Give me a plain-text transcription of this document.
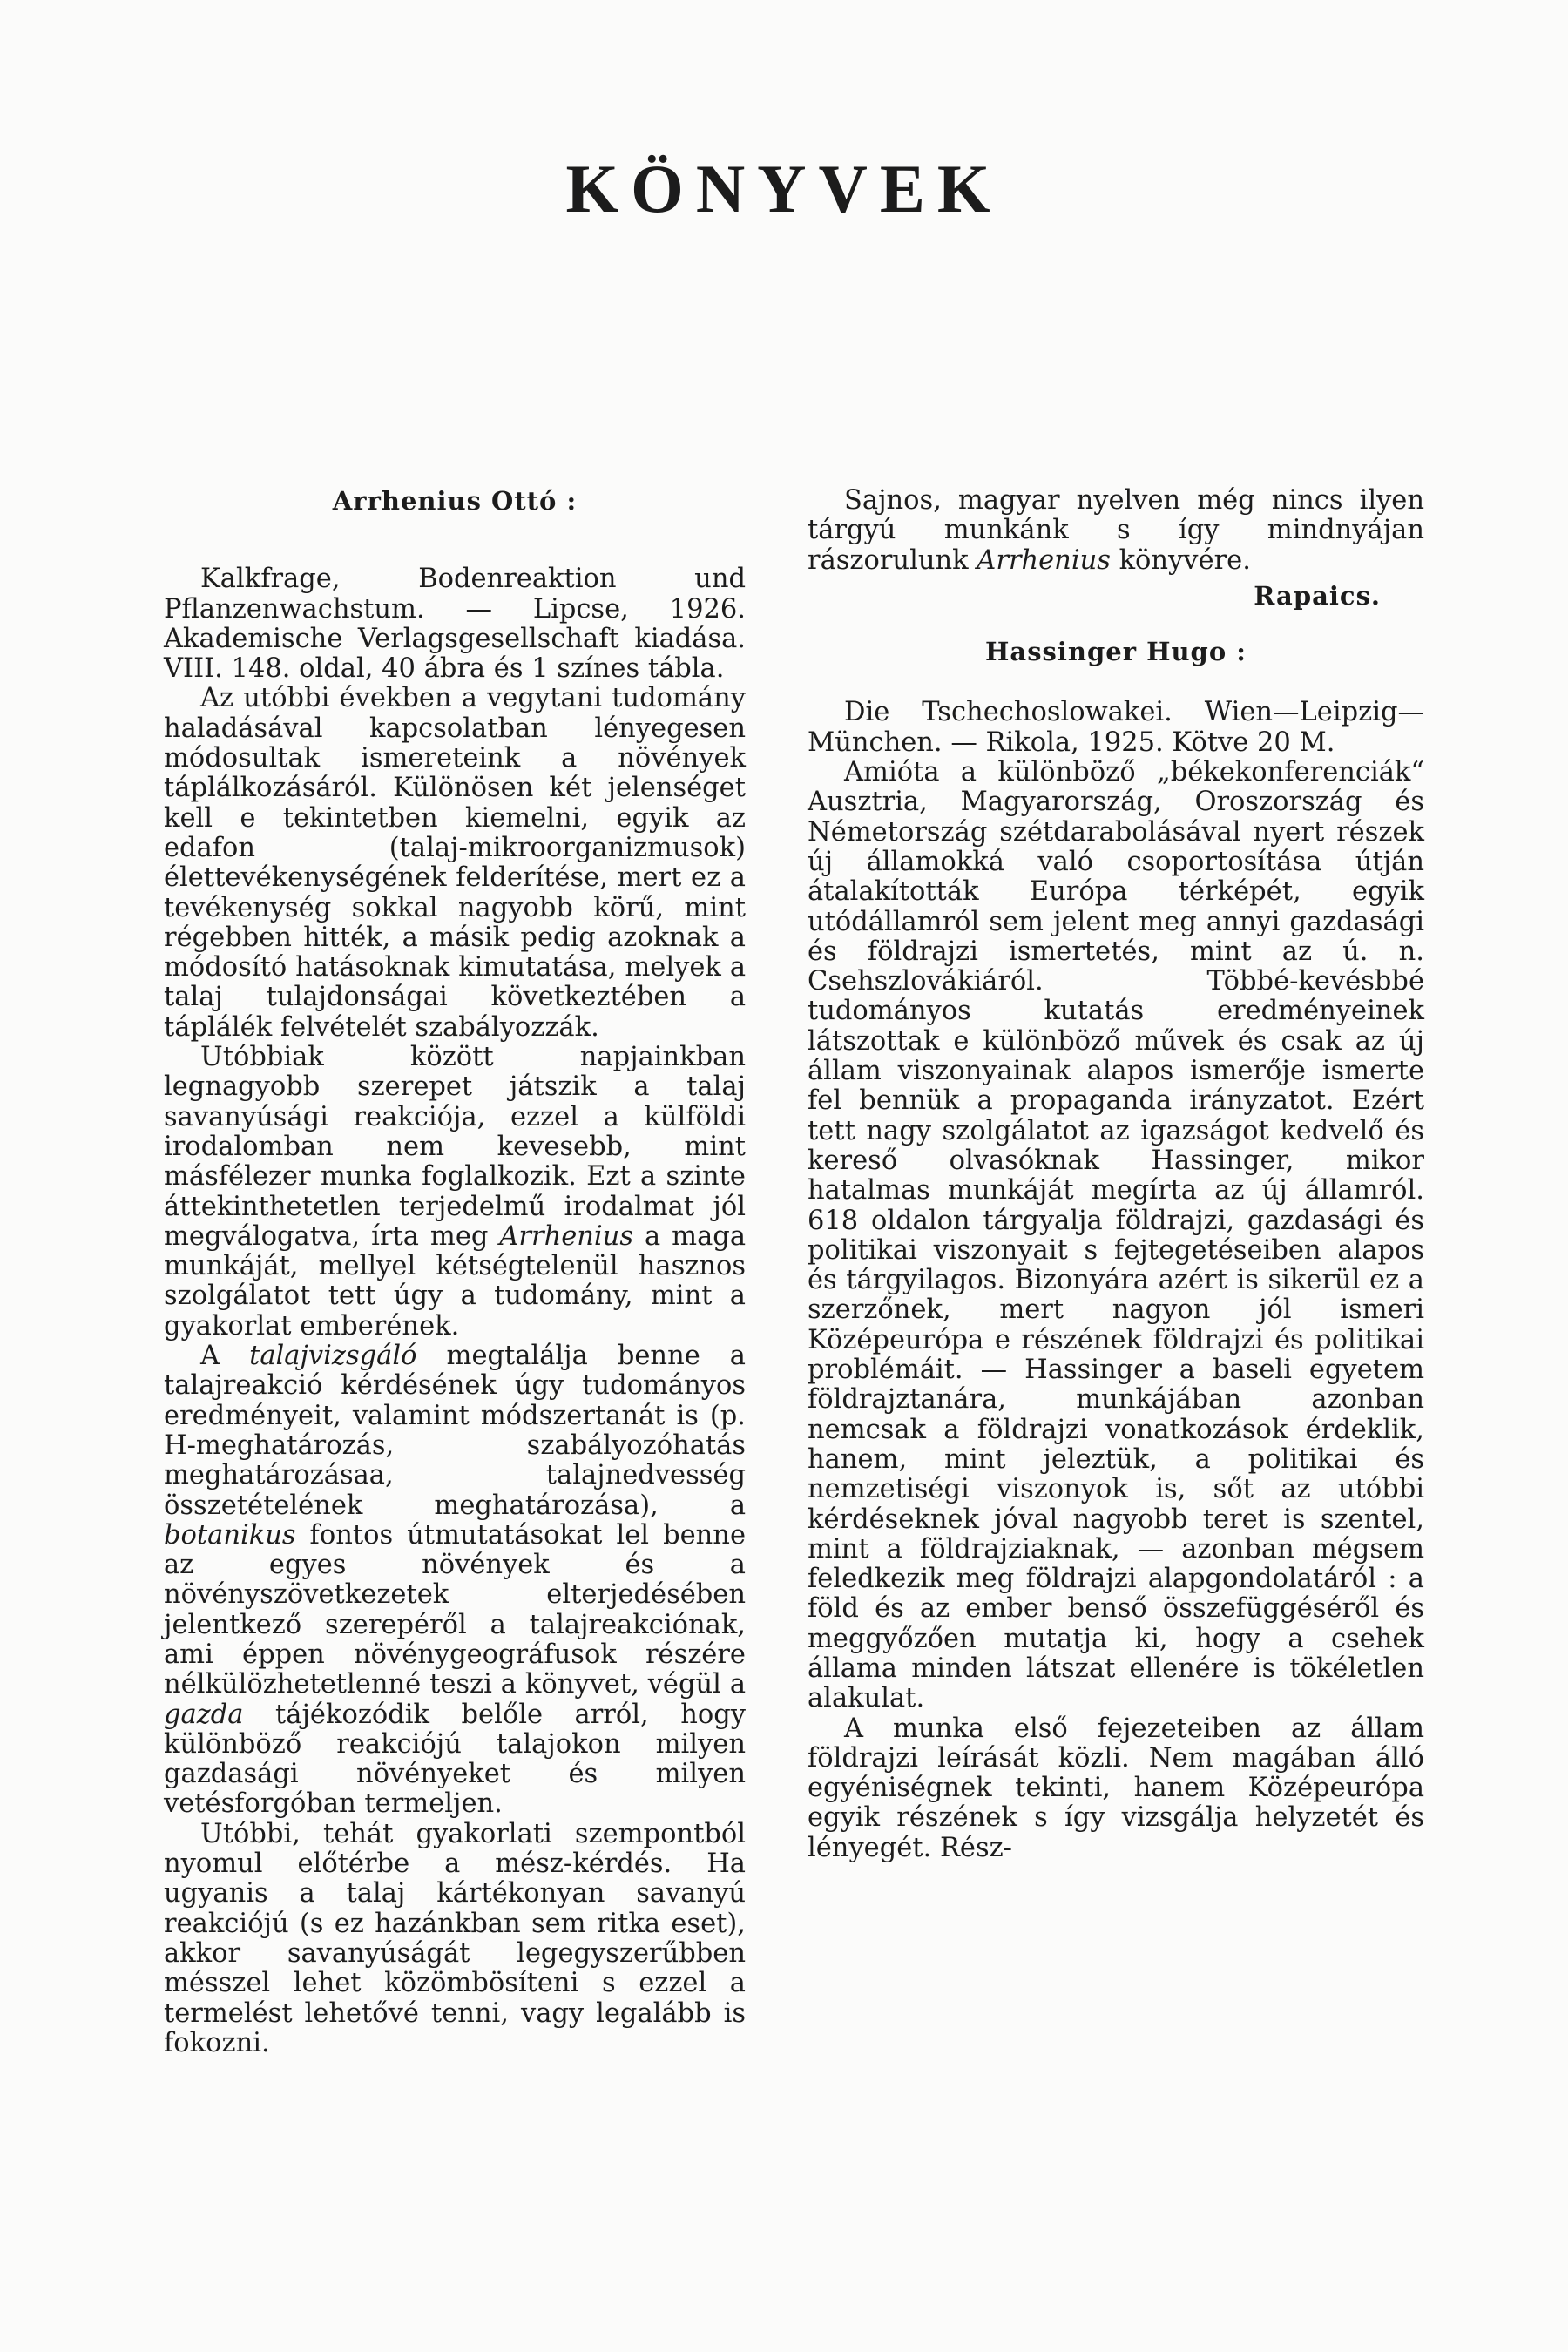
KÖNYVEK

Arrhenius Ottó :

Kalkfrage, Bodenreaktion und Pflanzenwachstum. — Lipcse, 1926. Akademische Verlagsgesellschaft kiadása. VIII. 148. oldal, 40 ábra és 1 színes tábla.

Az utóbbi években a vegytani tudomány haladásával kapcsolatban lényegesen módosultak ismereteink a növények táplálkozásáról. Különösen két jelenséget kell e tekintetben kiemelni, egyik az edafon (talaj-mikroorganizmusok) élettevékenységének felderítése, mert ez a tevékenység sokkal nagyobb körű, mint régebben hitték, a másik pedig azoknak a módosító hatásoknak kimutatása, melyek a talaj tulajdonságai következtében a táplálék felvételét szabályozzák.

Utóbbiak között napjainkban legnagyobb szerepet játszik a talaj savanyúsági reakciója, ezzel a külföldi irodalomban nem kevesebb, mint másfélezer munka foglalkozik. Ezt a szinte áttekinthetetlen terjedelmű irodalmat jól megválogatva, írta meg Arrhenius a maga munkáját, mellyel kétségtelenül hasznos szolgálatot tett úgy a tudomány, mint a gyakorlat emberének.

A talajvizsgáló megtalálja benne a talajreakció kérdésének úgy tudományos eredményeit, valamint módszertanát is (p. H-meghatározás, szabályozóhatás meghatározásaa, talajnedvesség összetételének meghatározása), a botanikus fontos útmutatásokat lel benne az egyes növények és a növényszövetkezetek elterjedésében jelentkező szerepéről a talajreakciónak, ami éppen növénygeográfusok részére nélkülözhetetlenné teszi a könyvet, végül a gazda tájékozódik belőle arról, hogy különböző reakciójú talajokon milyen gazdasági növényeket és milyen vetésforgóban termeljen.

Utóbbi, tehát gyakorlati szempontból nyomul előtérbe a mész-kérdés. Ha ugyanis a talaj kártékonyan savanyú reakciójú (s ez hazánkban sem ritka eset), akkor savanyúságát legegyszerűbben mésszel lehet közömbösíteni s ezzel a termelést lehetővé tenni, vagy legalább is fokozni.

Sajnos, magyar nyelven még nincs ilyen tárgyú munkánk s így mindnyájan rászorulunk Arrhenius könyvére.

Rapaics.

Hassinger Hugo :

Die Tschechoslowakei. Wien—Leipzig—München. — Rikola, 1925. Kötve 20 M.

Amióta a különböző „békekonferenciák“ Ausztria, Magyarország, Oroszország és Németország szétdarabolásával nyert részek új államokká való csoportosítása útján átalakították Európa térképét, egyik utódállamról sem jelent meg annyi gazdasági és földrajzi ismertetés, mint az ú. n. Csehszlovákiáról. Többé-kevésbbé tudományos kutatás eredményeinek látszottak e különböző művek és csak az új állam viszonyainak alapos ismerője ismerte fel bennük a propaganda irányzatot. Ezért tett nagy szolgálatot az igazságot kedvelő és kereső olvasóknak Hassinger, mikor hatalmas munkáját megírta az új államról. 618 oldalon tárgyalja földrajzi, gazdasági és politikai viszonyait s fejtegetéseiben alapos és tárgyilagos. Bizonyára azért is sikerül ez a szerzőnek, mert nagyon jól ismeri Középeurópa e részének földrajzi és politikai problémáit. — Hassinger a baseli egyetem földrajztanára, munkájában azonban nemcsak a földrajzi vonatkozások érdeklik, hanem, mint jeleztük, a politikai és nemzetiségi viszonyok is, sőt az utóbbi kérdéseknek jóval nagyobb teret is szentel, mint a földrajziaknak, — azonban mégsem feledkezik meg földrajzi alapgondolatáról : a föld és az ember benső összefüggéséről és meggyőzően mutatja ki, hogy a csehek állama minden látszat ellenére is tökéletlen alakulat.

A munka első fejezeteiben az állam földrajzi leírását közli. Nem magában álló egyéniségnek tekinti, hanem Középeurópa egyik részének s így vizsgálja helyzetét és lényegét. Rész-
